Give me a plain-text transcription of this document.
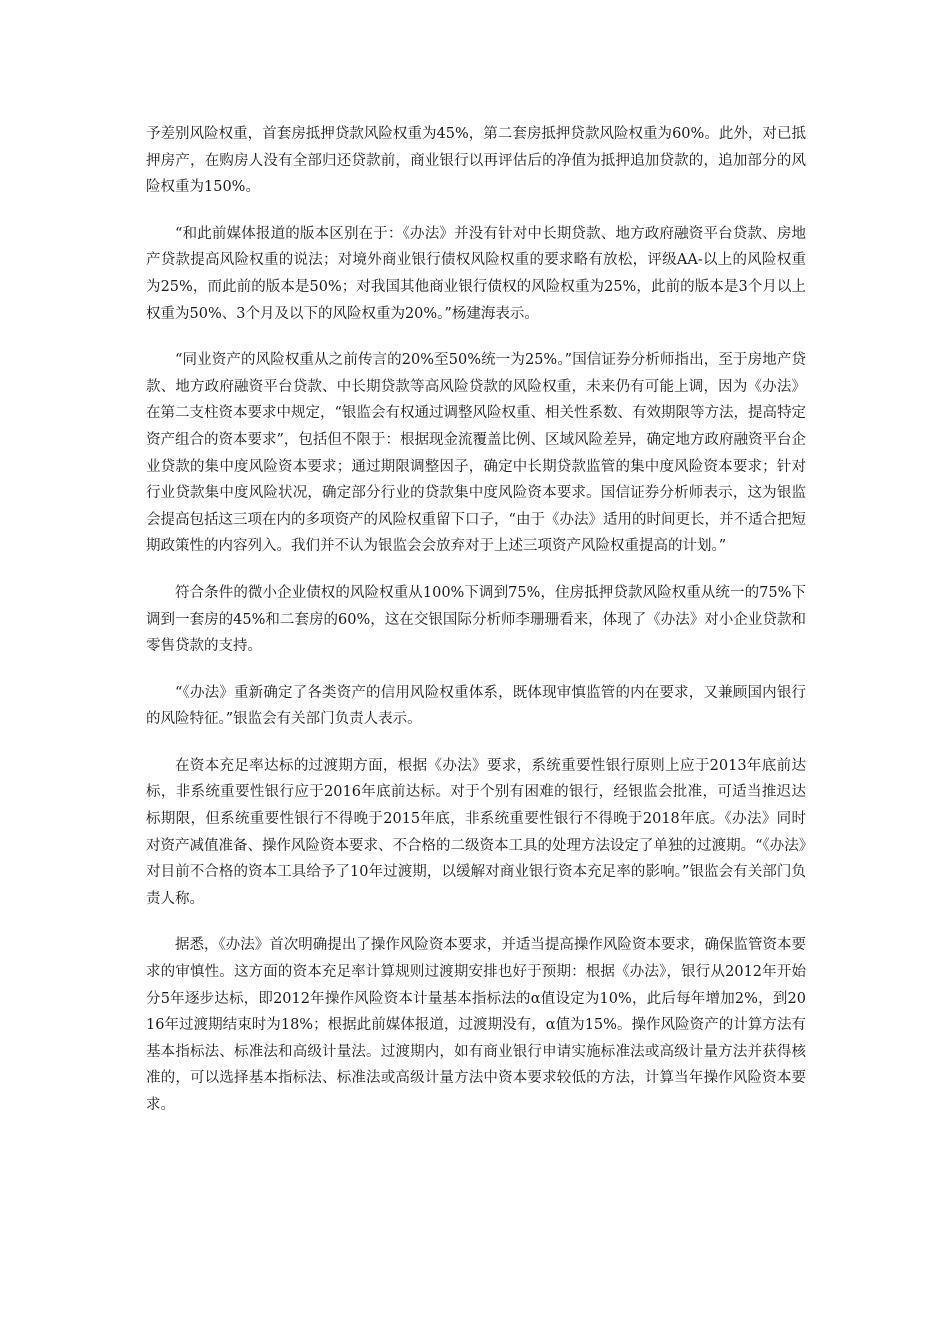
予差别风险权重，首套房抵押贷款风险权重为45%，第二套房抵押贷款风险权重为60%。此外，对已抵押房产，在购房人没有全部归还贷款前，商业银行以再评估后的净值为抵押追加贷款的，追加部分的风险权重为150%。

“和此前媒体报道的版本区别在于：《办法》并没有针对中长期贷款、地方政府融资平台贷款、房地产贷款提高风险权重的说法；对境外商业银行债权风险权重的要求略有放松，评级AA-以上的风险权重为25%，而此前的版本是50%；对我国其他商业银行债权的风险权重为25%，此前的版本是3个月以上权重为50%、3个月及以下的风险权重为20%。”杨建海表示。

“同业资产的风险权重从之前传言的20%至50%统一为25%。”国信证券分析师指出，至于房地产贷款、地方政府融资平台贷款、中长期贷款等高风险贷款的风险权重，未来仍有可能上调，因为《办法》在第二支柱资本要求中规定，“银监会有权通过调整风险权重、相关性系数、有效期限等方法，提高特定资产组合的资本要求”，包括但不限于：根据现金流覆盖比例、区域风险差异，确定地方政府融资平台企业贷款的集中度风险资本要求；通过期限调整因子，确定中长期贷款监管的集中度风险资本要求；针对行业贷款集中度风险状况，确定部分行业的贷款集中度风险资本要求。国信证券分析师表示，这为银监会提高包括这三项在内的多项资产的风险权重留下口子，“由于《办法》适用的时间更长，并不适合把短期政策性的内容列入。我们并不认为银监会会放弃对于上述三项资产风险权重提高的计划。”

符合条件的微小企业债权的风险权重从100%下调到75%，住房抵押贷款风险权重从统一的75%下调到一套房的45%和二套房的60%，这在交银国际分析师李珊珊看来，体现了《办法》对小企业贷款和零售贷款的支持。

“《办法》重新确定了各类资产的信用风险权重体系，既体现审慎监管的内在要求，又兼顾国内银行的风险特征。”银监会有关部门负责人表示。

在资本充足率达标的过渡期方面，根据《办法》要求，系统重要性银行原则上应于2013年底前达标，非系统重要性银行应于2016年底前达标。对于个别有困难的银行，经银监会批准，可适当推迟达标期限，但系统重要性银行不得晚于2015年底，非系统重要性银行不得晚于2018年底。《办法》同时对资产减值准备、操作风险资本要求、不合格的二级资本工具的处理方法设定了单独的过渡期。“《办法》对目前不合格的资本工具给予了10年过渡期，以缓解对商业银行资本充足率的影响。”银监会有关部门负责人称。

据悉，《办法》首次明确提出了操作风险资本要求，并适当提高操作风险资本要求，确保监管资本要求的审慎性。这方面的资本充足率计算规则过渡期安排也好于预期：根据《办法》，银行从2012年开始分5年逐步达标，即2012年操作风险资本计量基本指标法的α值设定为10%，此后每年增加2%，到2016年过渡期结束时为18%；根据此前媒体报道，过渡期没有，α值为15%。操作风险资产的计算方法有基本指标法、标准法和高级计量法。过渡期内，如有商业银行申请实施标准法或高级计量方法并获得核准的，可以选择基本指标法、标准法或高级计量方法中资本要求较低的方法，计算当年操作风险资本要求。
